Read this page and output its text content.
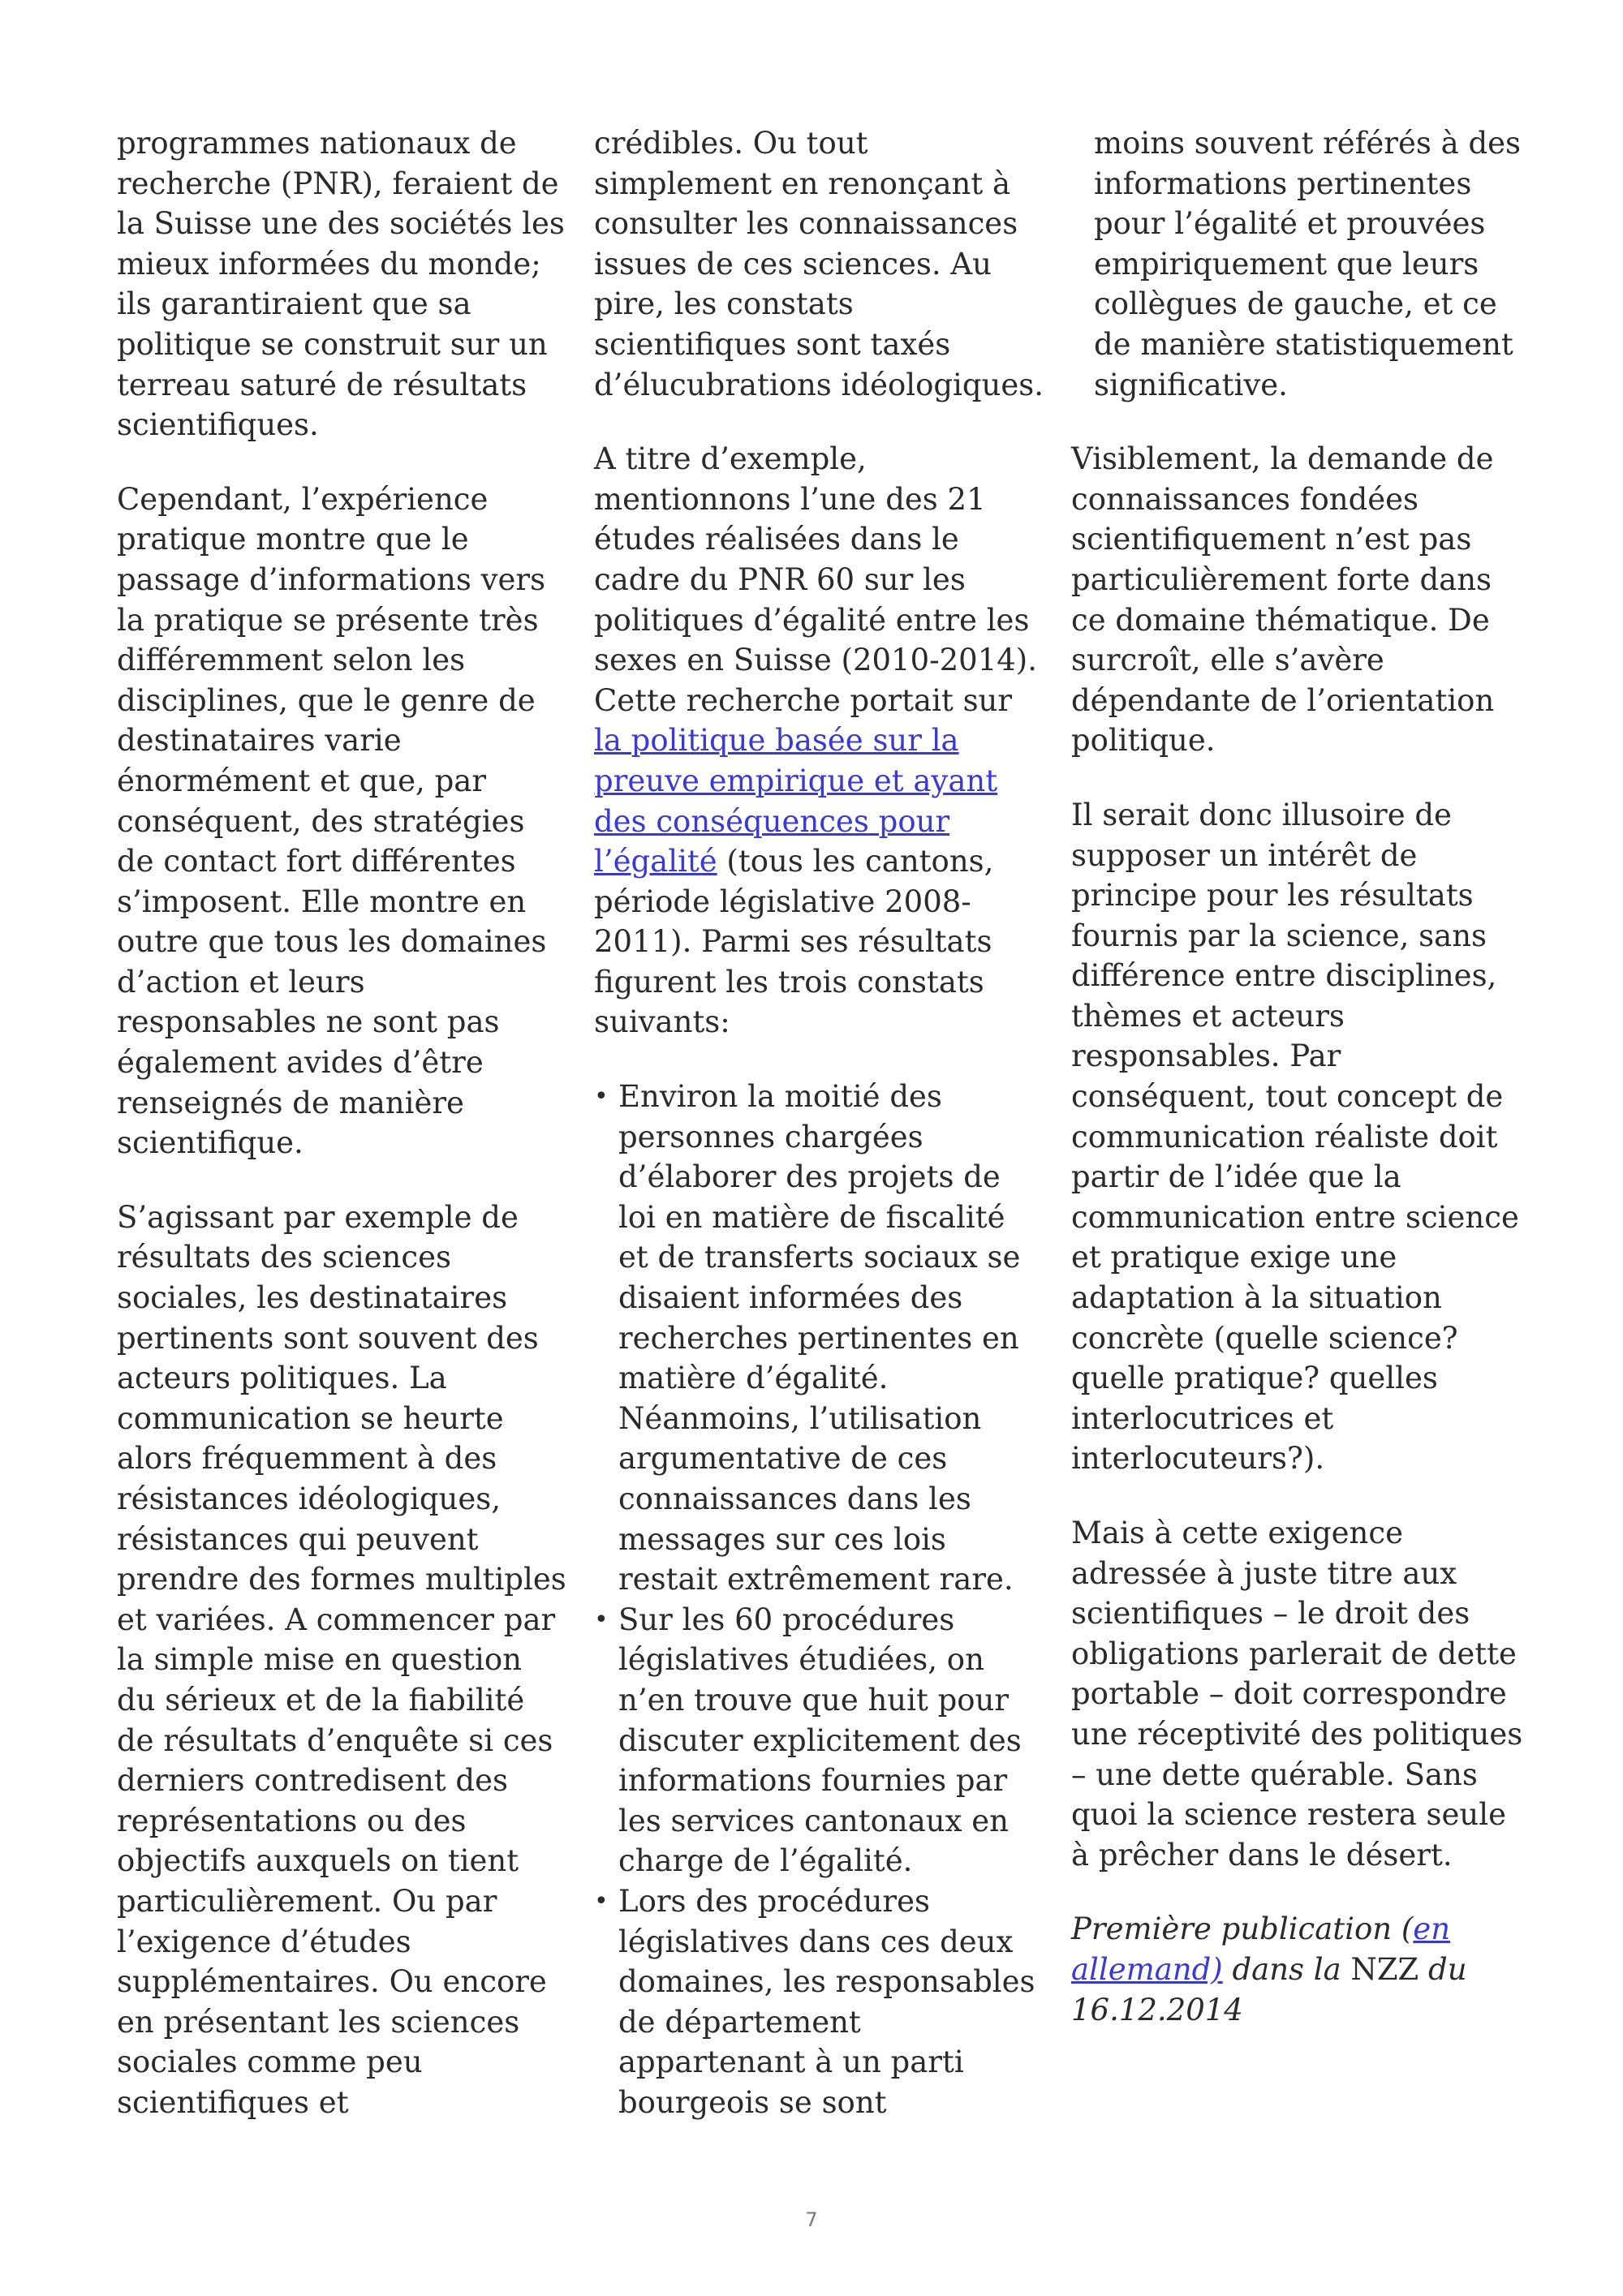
programmes nationaux de recherche (PNR), feraient de la Suisse une des sociétés les mieux informées du monde; ils garantiraient que sa politique se construit sur un terreau saturé de résultats scientifiques.

Cependant, l’expérience pratique montre que le passage d’informations vers la pratique se présente très différemment selon les disciplines, que le genre de destinataires varie énormément et que, par conséquent, des stratégies de contact fort différentes s’imposent. Elle montre en outre que tous les domaines d’action et leurs responsables ne sont pas également avides d’être renseignés de manière scientifique.

S’agissant par exemple de résultats des sciences sociales, les destinataires pertinents sont souvent des acteurs politiques. La communication se heurte alors fréquemment à des résistances idéologiques, résistances qui peuvent prendre des formes multiples et variées. A commencer par la simple mise en question du sérieux et de la fiabilité de résultats d’enquête si ces derniers contredisent des représentations ou des objectifs auxquels on tient particulièrement. Ou par l’exigence d’études supplémentaires. Ou encore en présentant les sciences sociales comme peu scientifiques et

crédibles. Ou tout simplement en renonçant à consulter les connaissances issues de ces sciences. Au pire, les constats scientifiques sont taxés d’élucubrations idéologiques.

A titre d’exemple, mentionnons l’une des 21 études réalisées dans le cadre du PNR 60 sur les politiques d’égalité entre les sexes en Suisse (2010-2014). Cette recherche portait sur la politique basée sur la preuve empirique et ayant des conséquences pour l’égalité (tous les cantons, période législative 2008-2011). Parmi ses résultats figurent les trois constats suivants:

• Environ la moitié des personnes chargées d’élaborer des projets de loi en matière de fiscalité et de transferts sociaux se disaient informées des recherches pertinentes en matière d’égalité. Néanmoins, l’utilisation argumentative de ces connaissances dans les messages sur ces lois restait extrêmement rare.
• Sur les 60 procédures législatives étudiées, on n’en trouve que huit pour discuter explicitement des informations fournies par les services cantonaux en charge de l’égalité.
• Lors des procédures législatives dans ces deux domaines, les responsables de département appartenant à un parti bourgeois se sont
moins souvent référés à des informations pertinentes pour l’égalité et prouvées empiriquement que leurs collègues de gauche, et ce de manière statistiquement significative.

Visiblement, la demande de connaissances fondées scientifiquement n’est pas particulièrement forte dans ce domaine thématique. De surcroît, elle s’avère dépendante de l’orientation politique.

Il serait donc illusoire de supposer un intérêt de principe pour les résultats fournis par la science, sans différence entre disciplines, thèmes et acteurs responsables. Par conséquent, tout concept de communication réaliste doit partir de l’idée que la communication entre science et pratique exige une adaptation à la situation concrète (quelle science? quelle pratique? quelles interlocutrices et interlocuteurs?).

Mais à cette exigence adressée à juste titre aux scientifiques – le droit des obligations parlerait de dette portable – doit correspondre une réceptivité des politiques – une dette quérable. Sans quoi la science restera seule à prêcher dans le désert.

Première publication (en allemand) dans la NZZ du 16.12.2014

7
